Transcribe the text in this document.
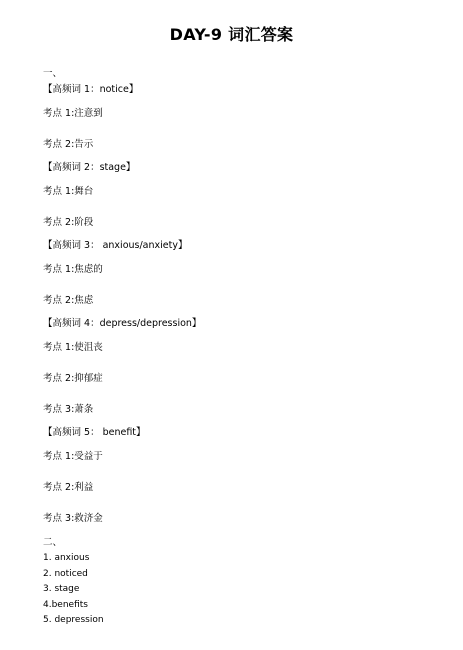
DAY-9 词汇答案
一、
【高频词 1：notice】
考点 1:注意到
考点 2:告示
【高频词 2：stage】
考点 1:舞台
考点 2:阶段
【高频词 3： anxious/anxiety】
考点 1:焦虑的
考点 2:焦虑
【高频词 4：depress/depression】
考点 1:使沮丧
考点 2:抑郁症
考点 3:萧条
【高频词 5： benefit】
考点 1:受益于
考点 2:利益
考点 3:救济金
二、
1. anxious
2. noticed
3. stage
4.benefits
5. depression
